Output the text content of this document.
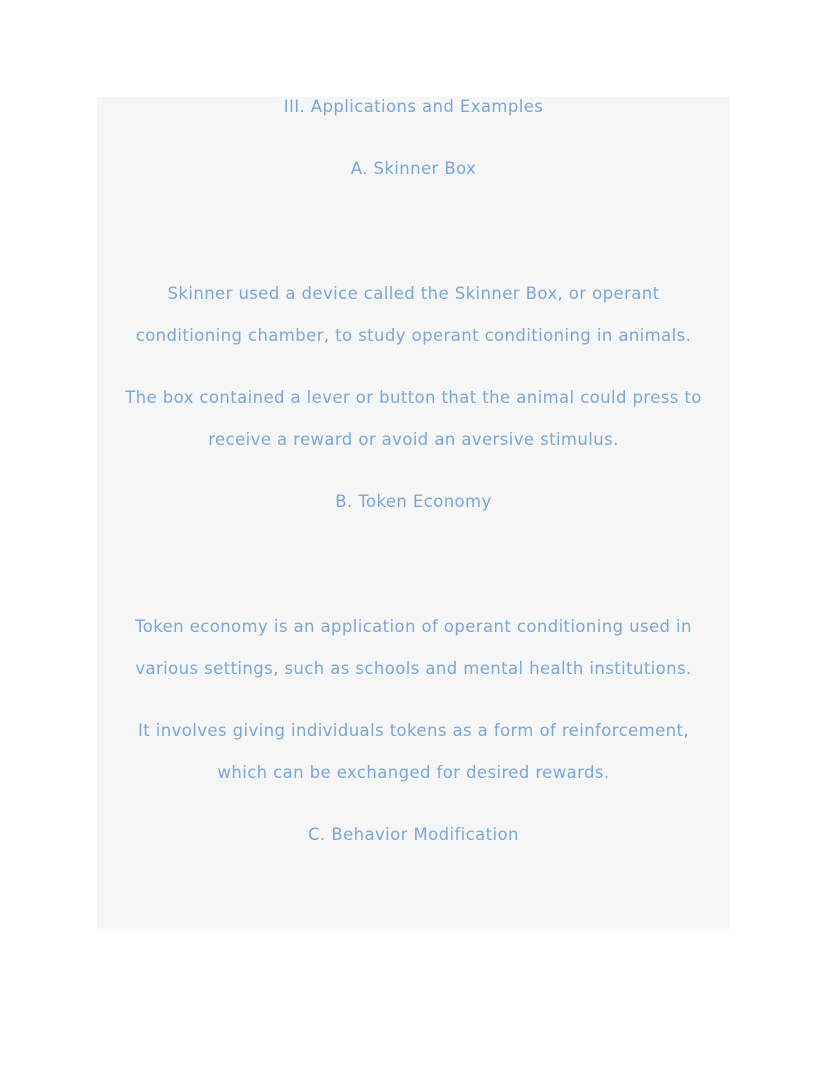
III. Applications and Examples
A. Skinner Box
Skinner used a device called the Skinner Box, or operant
conditioning chamber, to study operant conditioning in animals.
The box contained a lever or button that the animal could press to
receive a reward or avoid an aversive stimulus.
B. Token Economy
Token economy is an application of operant conditioning used in
various settings, such as schools and mental health institutions.
It involves giving individuals tokens as a form of reinforcement,
which can be exchanged for desired rewards.
C. Behavior Modification
